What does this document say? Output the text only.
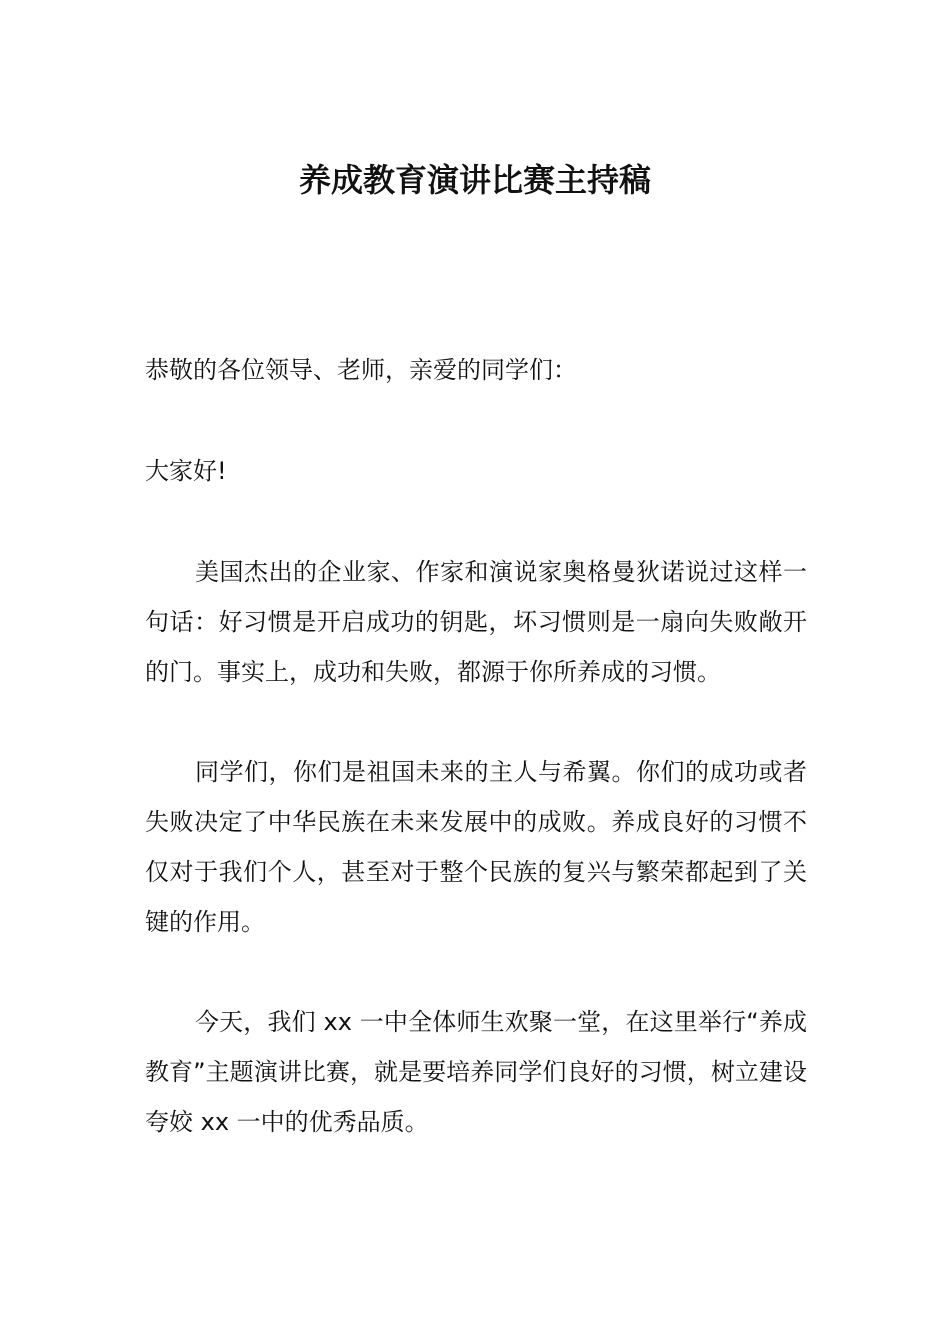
养成教育演讲比赛主持稿

恭敬的各位领导、老师，亲爱的同学们：

大家好!

美国杰出的企业家、作家和演说家奥格曼狄诺说过这样一句话：好习惯是开启成功的钥匙，坏习惯则是一扇向失败敞开的门。事实上，成功和失败，都源于你所养成的习惯。

同学们，你们是祖国未来的主人与希翼。你们的成功或者失败决定了中华民族在未来发展中的成败。养成良好的习惯不仅对于我们个人，甚至对于整个民族的复兴与繁荣都起到了关键的作用。

今天，我们 xx 一中全体师生欢聚一堂，在这里举行“养成教育”主题演讲比赛，就是要培养同学们良好的习惯，树立建设夸姣 xx 一中的优秀品质。
